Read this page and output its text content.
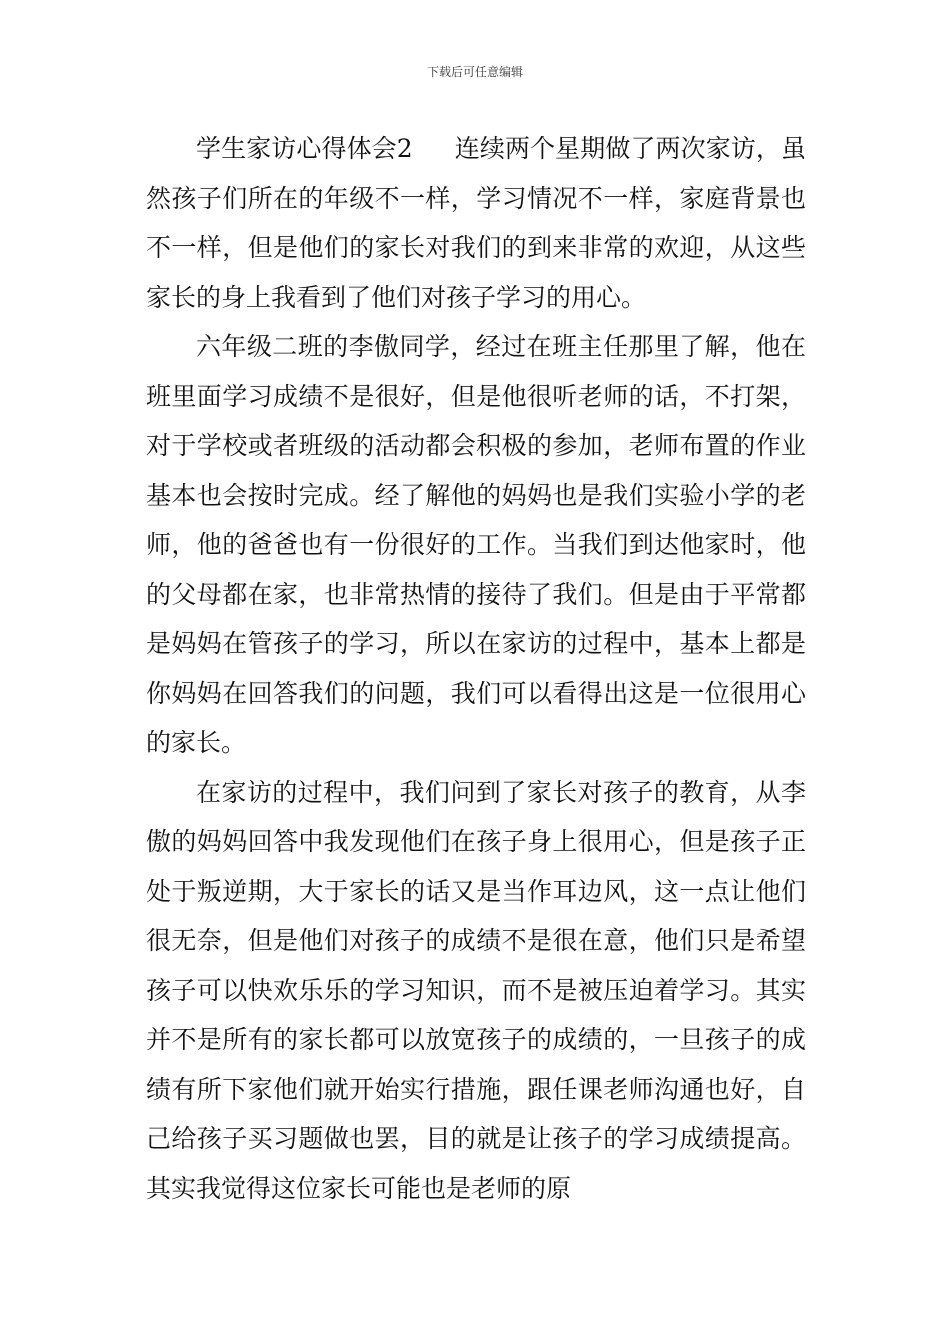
下载后可任意编辑

学生家访心得体会2 连续两个星期做了两次家访，虽然孩子们所在的年级不一样，学习情况不一样，家庭背景也不一样，但是他们的家长对我们的到来非常的欢迎，从这些家长的身上我看到了他们对孩子学习的用心。

六年级二班的李傲同学，经过在班主任那里了解，他在班里面学习成绩不是很好，但是他很听老师的话，不打架，对于学校或者班级的活动都会积极的参加，老师布置的作业基本也会按时完成。经了解他的妈妈也是我们实验小学的老师，他的爸爸也有一份很好的工作。当我们到达他家时，他的父母都在家，也非常热情的接待了我们。但是由于平常都是妈妈在管孩子的学习，所以在家访的过程中，基本上都是你妈妈在回答我们的问题，我们可以看得出这是一位很用心的家长。

在家访的过程中，我们问到了家长对孩子的教育，从李傲的妈妈回答中我发现他们在孩子身上很用心，但是孩子正处于叛逆期，大于家长的话又是当作耳边风，这一点让他们很无奈，但是他们对孩子的成绩不是很在意，他们只是希望孩子可以快欢乐乐的学习知识，而不是被压迫着学习。其实并不是所有的家长都可以放宽孩子的成绩的，一旦孩子的成绩有所下家他们就开始实行措施，跟任课老师沟通也好，自己给孩子买习题做也罢，目的就是让孩子的学习成绩提高。其实我觉得这位家长可能也是老师的原
